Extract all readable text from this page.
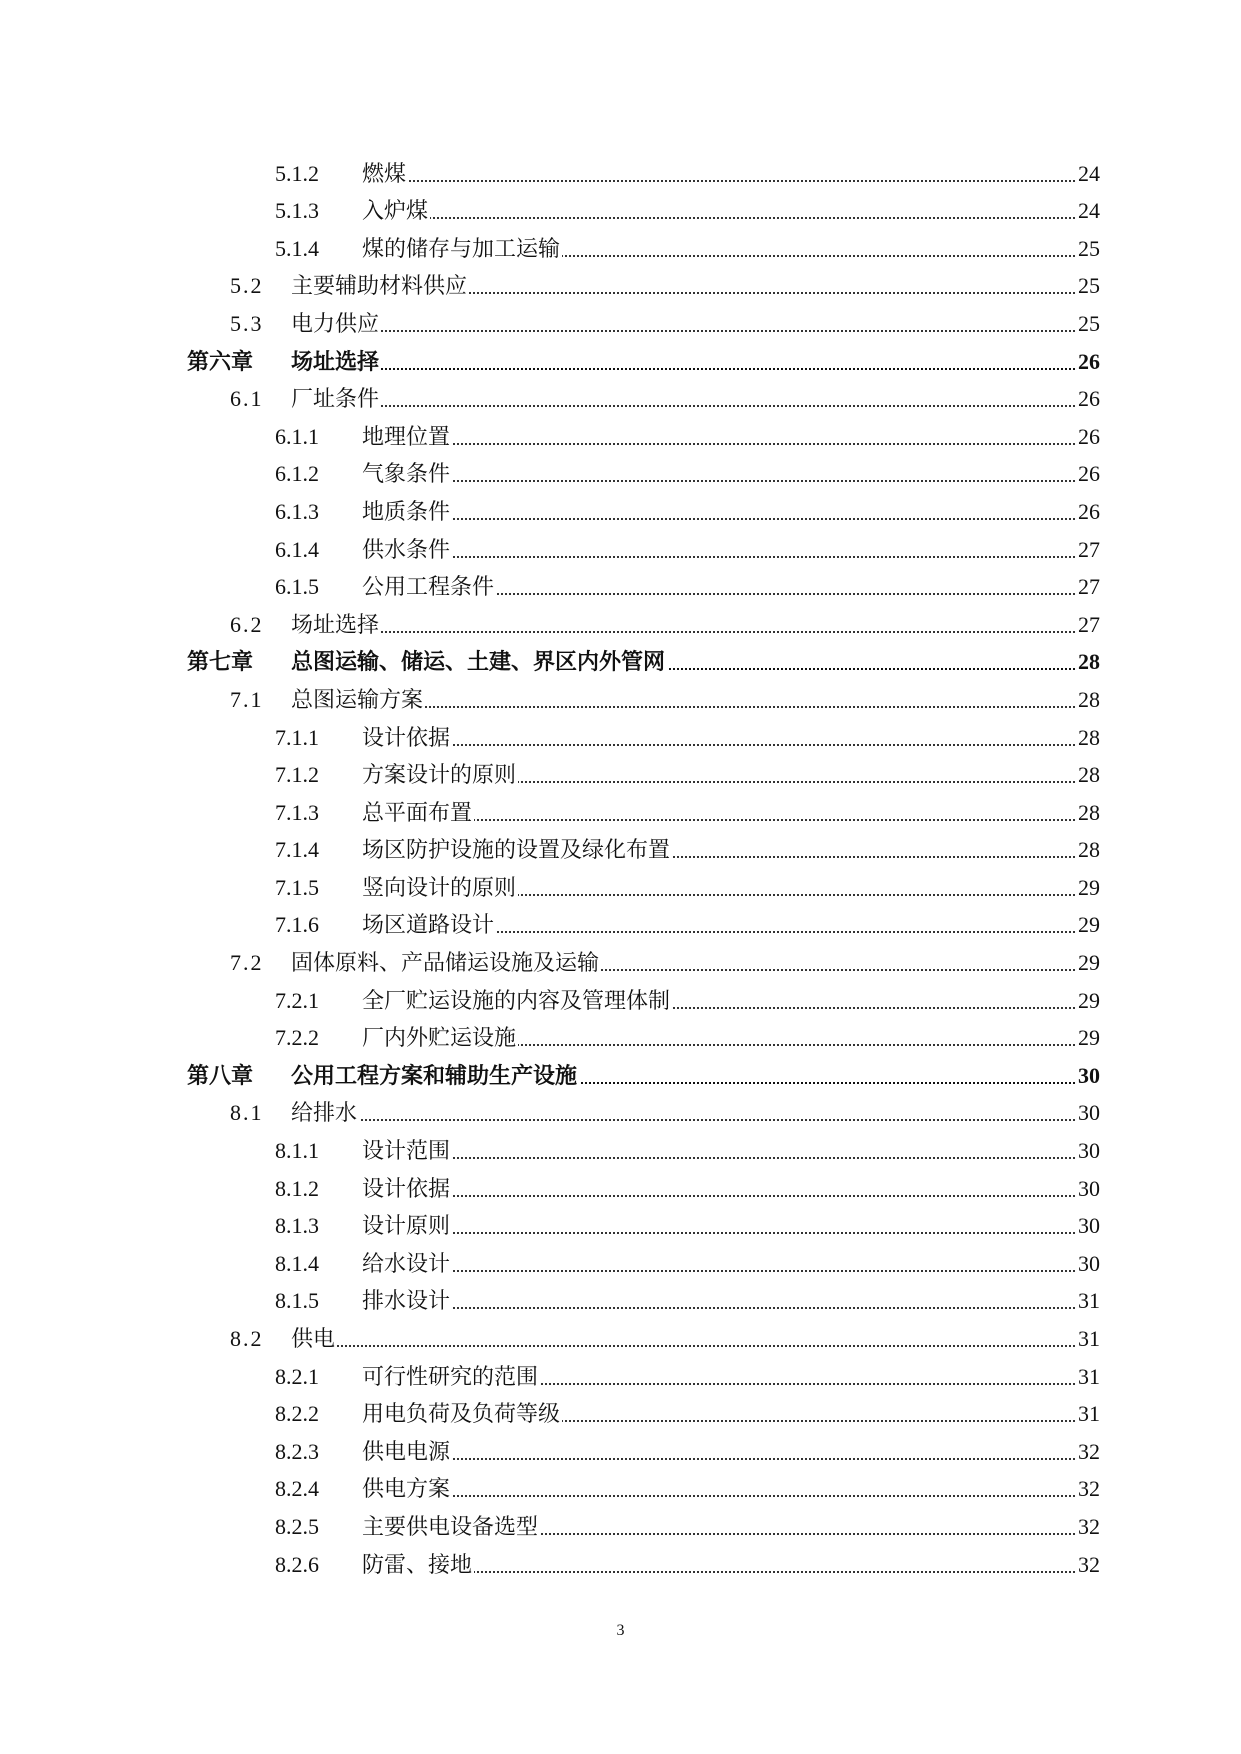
5.1.2 燃煤	24
5.1.3 入炉煤	24
5.1.4 煤的储存与加工运输	25
5.2 主要辅助材料供应	25
5.3 电力供应	25
第六章 场址选择	26
6.1 厂址条件	26
6.1.1 地理位置	26
6.1.2 气象条件	26
6.1.3 地质条件	26
6.1.4 供水条件	27
6.1.5 公用工程条件	27
6.2 场址选择	27
第七章 总图运输、储运、土建、界区内外管网	28
7.1 总图运输方案	28
7.1.1 设计依据	28
7.1.2 方案设计的原则	28
7.1.3 总平面布置	28
7.1.4 场区防护设施的设置及绿化布置	28
7.1.5 竖向设计的原则	29
7.1.6 场区道路设计	29
7.2 固体原料、产品储运设施及运输	29
7.2.1 全厂贮运设施的内容及管理体制	29
7.2.2 厂内外贮运设施	29
第八章 公用工程方案和辅助生产设施	30
8.1 给排水	30
8.1.1 设计范围	30
8.1.2 设计依据	30
8.1.3 设计原则	30
8.1.4 给水设计	30
8.1.5 排水设计	31
8.2 供电	31
8.2.1 可行性研究的范围	31
8.2.2 用电负荷及负荷等级	31
8.2.3 供电电源	32
8.2.4 供电方案	32
8.2.5 主要供电设备选型	32
8.2.6 防雷、接地	32
3
